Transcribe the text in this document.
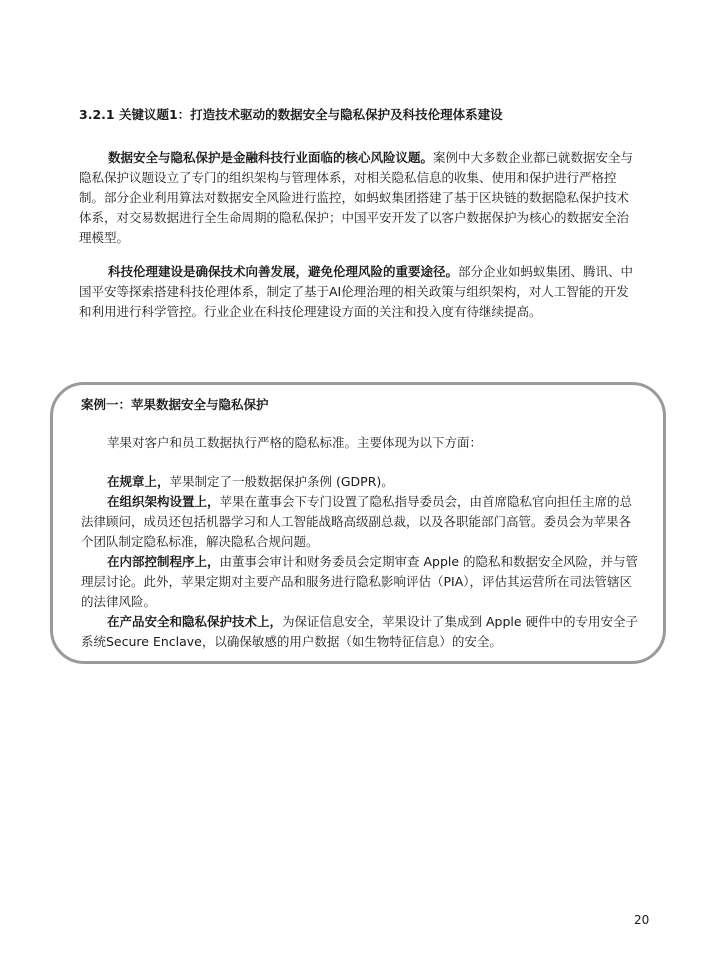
3.2.1 关键议题1：打造技术驱动的数据安全与隐私保护及科技伦理体系建设

数据安全与隐私保护是金融科技行业面临的核心风险议题。案例中大多数企业都已就数据安全与隐私保护议题设立了专门的组织架构与管理体系，对相关隐私信息的收集、使用和保护进行严格控制。部分企业利用算法对数据安全风险进行监控，如蚂蚁集团搭建了基于区块链的数据隐私保护技术体系，对交易数据进行全生命周期的隐私保护；中国平安开发了以客户数据保护为核心的数据安全治理模型。

科技伦理建设是确保技术向善发展，避免伦理风险的重要途径。部分企业如蚂蚁集团、腾讯、中国平安等探索搭建科技伦理体系，制定了基于AI伦理治理的相关政策与组织架构，对人工智能的开发和利用进行科学管控。行业企业在科技伦理建设方面的关注和投入度有待继续提高。

案例一：苹果数据安全与隐私保护

苹果对客户和员工数据执行严格的隐私标准。主要体现为以下方面：

在规章上，苹果制定了一般数据保护条例 (GDPR)。

在组织架构设置上，苹果在董事会下专门设置了隐私指导委员会，由首席隐私官向担任主席的总法律顾问，成员还包括机器学习和人工智能战略高级副总裁，以及各职能部门高管。委员会为苹果各个团队制定隐私标准，解决隐私合规问题。

在内部控制程序上，由董事会审计和财务委员会定期审查 Apple 的隐私和数据安全风险，并与管理层讨论。此外，苹果定期对主要产品和服务进行隐私影响评估（PIA），评估其运营所在司法管辖区的法律风险。

在产品安全和隐私保护技术上，为保证信息安全，苹果设计了集成到 Apple 硬件中的专用安全子系统Secure Enclave，以确保敏感的用户数据（如生物特征信息）的安全。

20
